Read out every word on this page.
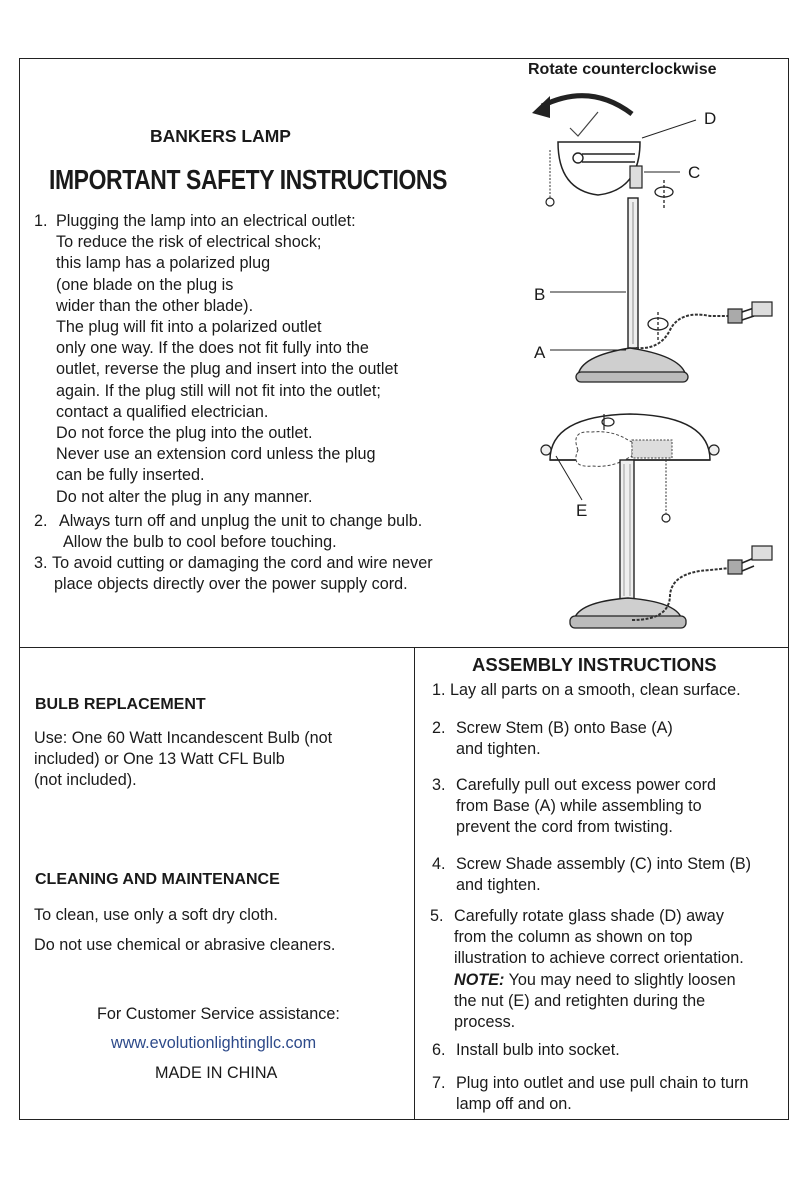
Rotate counterclockwise
D
C
B
A
E
BANKERS LAMP
IMPORTANT SAFETY INSTRUCTIONS
1. Plugging the lamp into an electrical outlet:
To reduce the risk of electrical shock;
this lamp has a polarized plug
(one blade on the plug is
wider than the other blade).
The plug will fit into a polarized outlet
only one way. If the does not fit fully into the
outlet, reverse the plug and insert into the outlet
again. If the plug still will not fit into the outlet;
contact a qualified electrician.
Do not force the plug into the outlet.
Never use an extension cord unless the plug
can be fully inserted.
Do not alter the plug in any manner.
2. Always turn off and unplug the unit to change bulb.
Allow the bulb to cool before touching.
3. To avoid cutting or damaging the cord and wire never
place objects directly over the power supply cord.
BULB REPLACEMENT
Use: One 60 Watt Incandescent Bulb (not
included) or One 13 Watt CFL Bulb
(not included).
CLEANING AND MAINTENANCE
To clean, use only a soft dry cloth.
Do not use chemical or abrasive cleaners.
For Customer Service assistance:
www.evolutionlightingllc.com
MADE IN CHINA
ASSEMBLY INSTRUCTIONS
1. Lay all parts on a smooth, clean surface.
2. Screw Stem (B) onto Base (A)
and tighten.
3. Carefully pull out excess power cord
from Base (A) while assembling to
prevent the cord from twisting.
4. Screw Shade assembly (C) into Stem (B)
and tighten.
5. Carefully rotate glass shade (D) away
from the column as shown on top
illustration to achieve correct orientation.
NOTE: You may need to slightly loosen
the nut (E) and retighten during the
process.
6. Install bulb into socket.
7. Plug into outlet and use pull chain to turn
lamp off and on.
